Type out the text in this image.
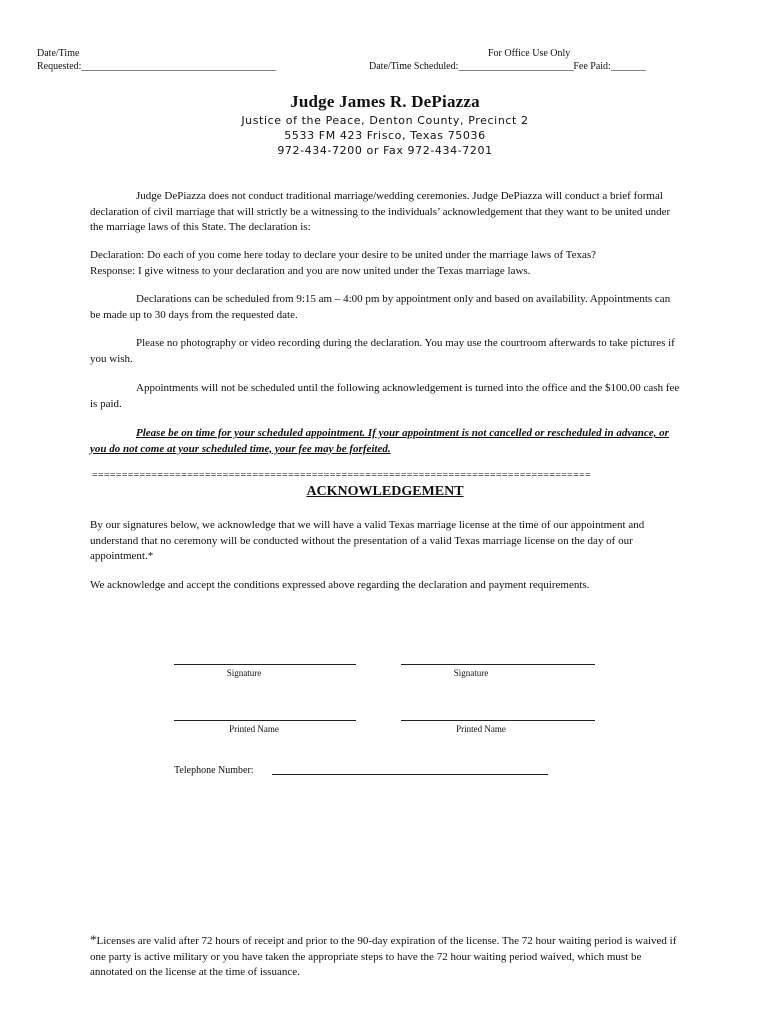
Date/Time
Requested:_______________________________________
For Office Use Only
Date/Time Scheduled:_______________________Fee Paid:_______
Judge James R. DePiazza
Justice of the Peace, Denton County, Precinct 2
5533 FM 423 Frisco, Texas 75036
972-434-7200 or Fax 972-434-7201
Judge DePiazza does not conduct traditional marriage/wedding ceremonies. Judge DePiazza will conduct a brief formal declaration of civil marriage that will strictly be a witnessing to the individuals’ acknowledgement that they want to be united under the marriage laws of this State. The declaration is:
Declaration: Do each of you come here today to declare your desire to be united under the marriage laws of Texas?
Response: I give witness to your declaration and you are now united under the Texas marriage laws.
Declarations can be scheduled from 9:15 am – 4:00 pm by appointment only and based on availability. Appointments can be made up to 30 days from the requested date.
Please no photography or video recording during the declaration. You may use the courtroom afterwards to take pictures if you wish.
Appointments will not be scheduled until the following acknowledgement is turned into the office and the $100.00 cash fee is paid.
Please be on time for your scheduled appointment. If your appointment is not cancelled or rescheduled in advance, or you do not come at your scheduled time, your fee may be forfeited.
====================================================================================
ACKNOWLEDGEMENT
By our signatures below, we acknowledge that we will have a valid Texas marriage license at the time of our appointment and understand that no ceremony will be conducted without the presentation of a valid Texas marriage license on the day of our appointment.*
We acknowledge and accept the conditions expressed above regarding the declaration and payment requirements.
Signature	Signature
Printed Name	Printed Name
Telephone Number:
*Licenses are valid after 72 hours of receipt and prior to the 90-day expiration of the license. The 72 hour waiting period is waived if one party is active military or you have taken the appropriate steps to have the 72 hour waiting period waived, which must be annotated on the license at the time of issuance.
